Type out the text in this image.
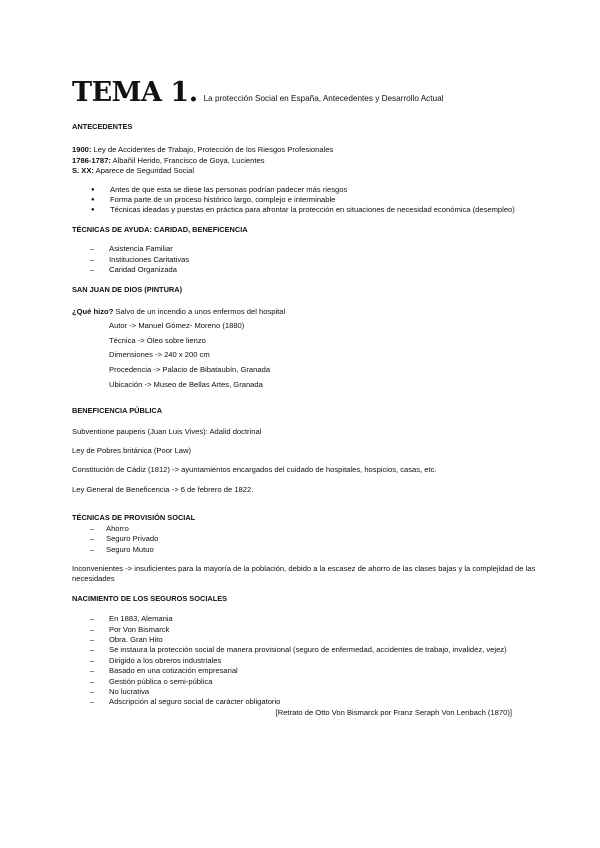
TEMA 1. La protección Social en España, Antecedentes y Desarrollo Actual

ANTECEDENTES

1900: Ley de Accidentes de Trabajo, Protección de los Riesgos Profesionales

1786-1787: Albañil Herido, Francisco de Goya, Lucientes

S. XX: Aparece de Seguridad Social

● Antes de que esta se diese las personas podrían padecer más riesgos
● Forma parte de un proceso histórico largo, complejo e interminable
● Técnicas ideadas y puestas en práctica para afrontar la protección en situaciones de necesidad económica (desempleo)

TÉCNICAS DE AYUDA: CARIDAD, BENEFICENCIA

– Asistencia Familiar
– Instituciones Caritativas
– Caridad Organizada

SAN JUAN DE DIOS (PINTURA)

¿Qué hizo? Salvo de un incendio a unos enfermos del hospital

Autor -> Manuel Gómez- Moreno (1880)
Técnica -> Óleo sobre lienzo
Dimensiones -> 240 x 200 cm
Procedencia -> Palacio de Bibataubín, Granada
Ubicación -> Museo de Bellas Artes, Granada

BENEFICENCIA PÚBLICA

Subventione pauperis (Juan Luis Vives): Adalid doctrinal

Ley de Pobres británica (Poor Law)

Constitución de Cádiz (1812) -> ayuntamientos encargados del cuidado de hospitales, hospicios, casas, etc.

Ley General de Beneficencia -> 6 de febrero de 1822.

TÉCNICAS DE PROVISIÓN SOCIAL

– Ahorro
– Seguro Privado
– Seguro Mutuo

Inconvenientes -> insuficientes para la mayoría de la población, debido a la escasez de ahorro de las clases bajas y la complejidad de las necesidades

NACIMIENTO DE LOS SEGUROS SOCIALES

– En 1883, Alemania
– Por Von Bismarck
– Obra. Gran Hito
– Se instaura la protección social de manera provisional (seguro de enfermedad, accidentes de trabajo, invalidez, vejez)
– Dirigido a los obreros industriales
– Basado en una cotización empresarial
– Gestión pública o semi-pública
– No lucrativa
– Adscripción al seguro social de carácter obligatorio

[Retrato de Otto Von Bismarck por Franz Seraph Von Lenbach (1870)]
